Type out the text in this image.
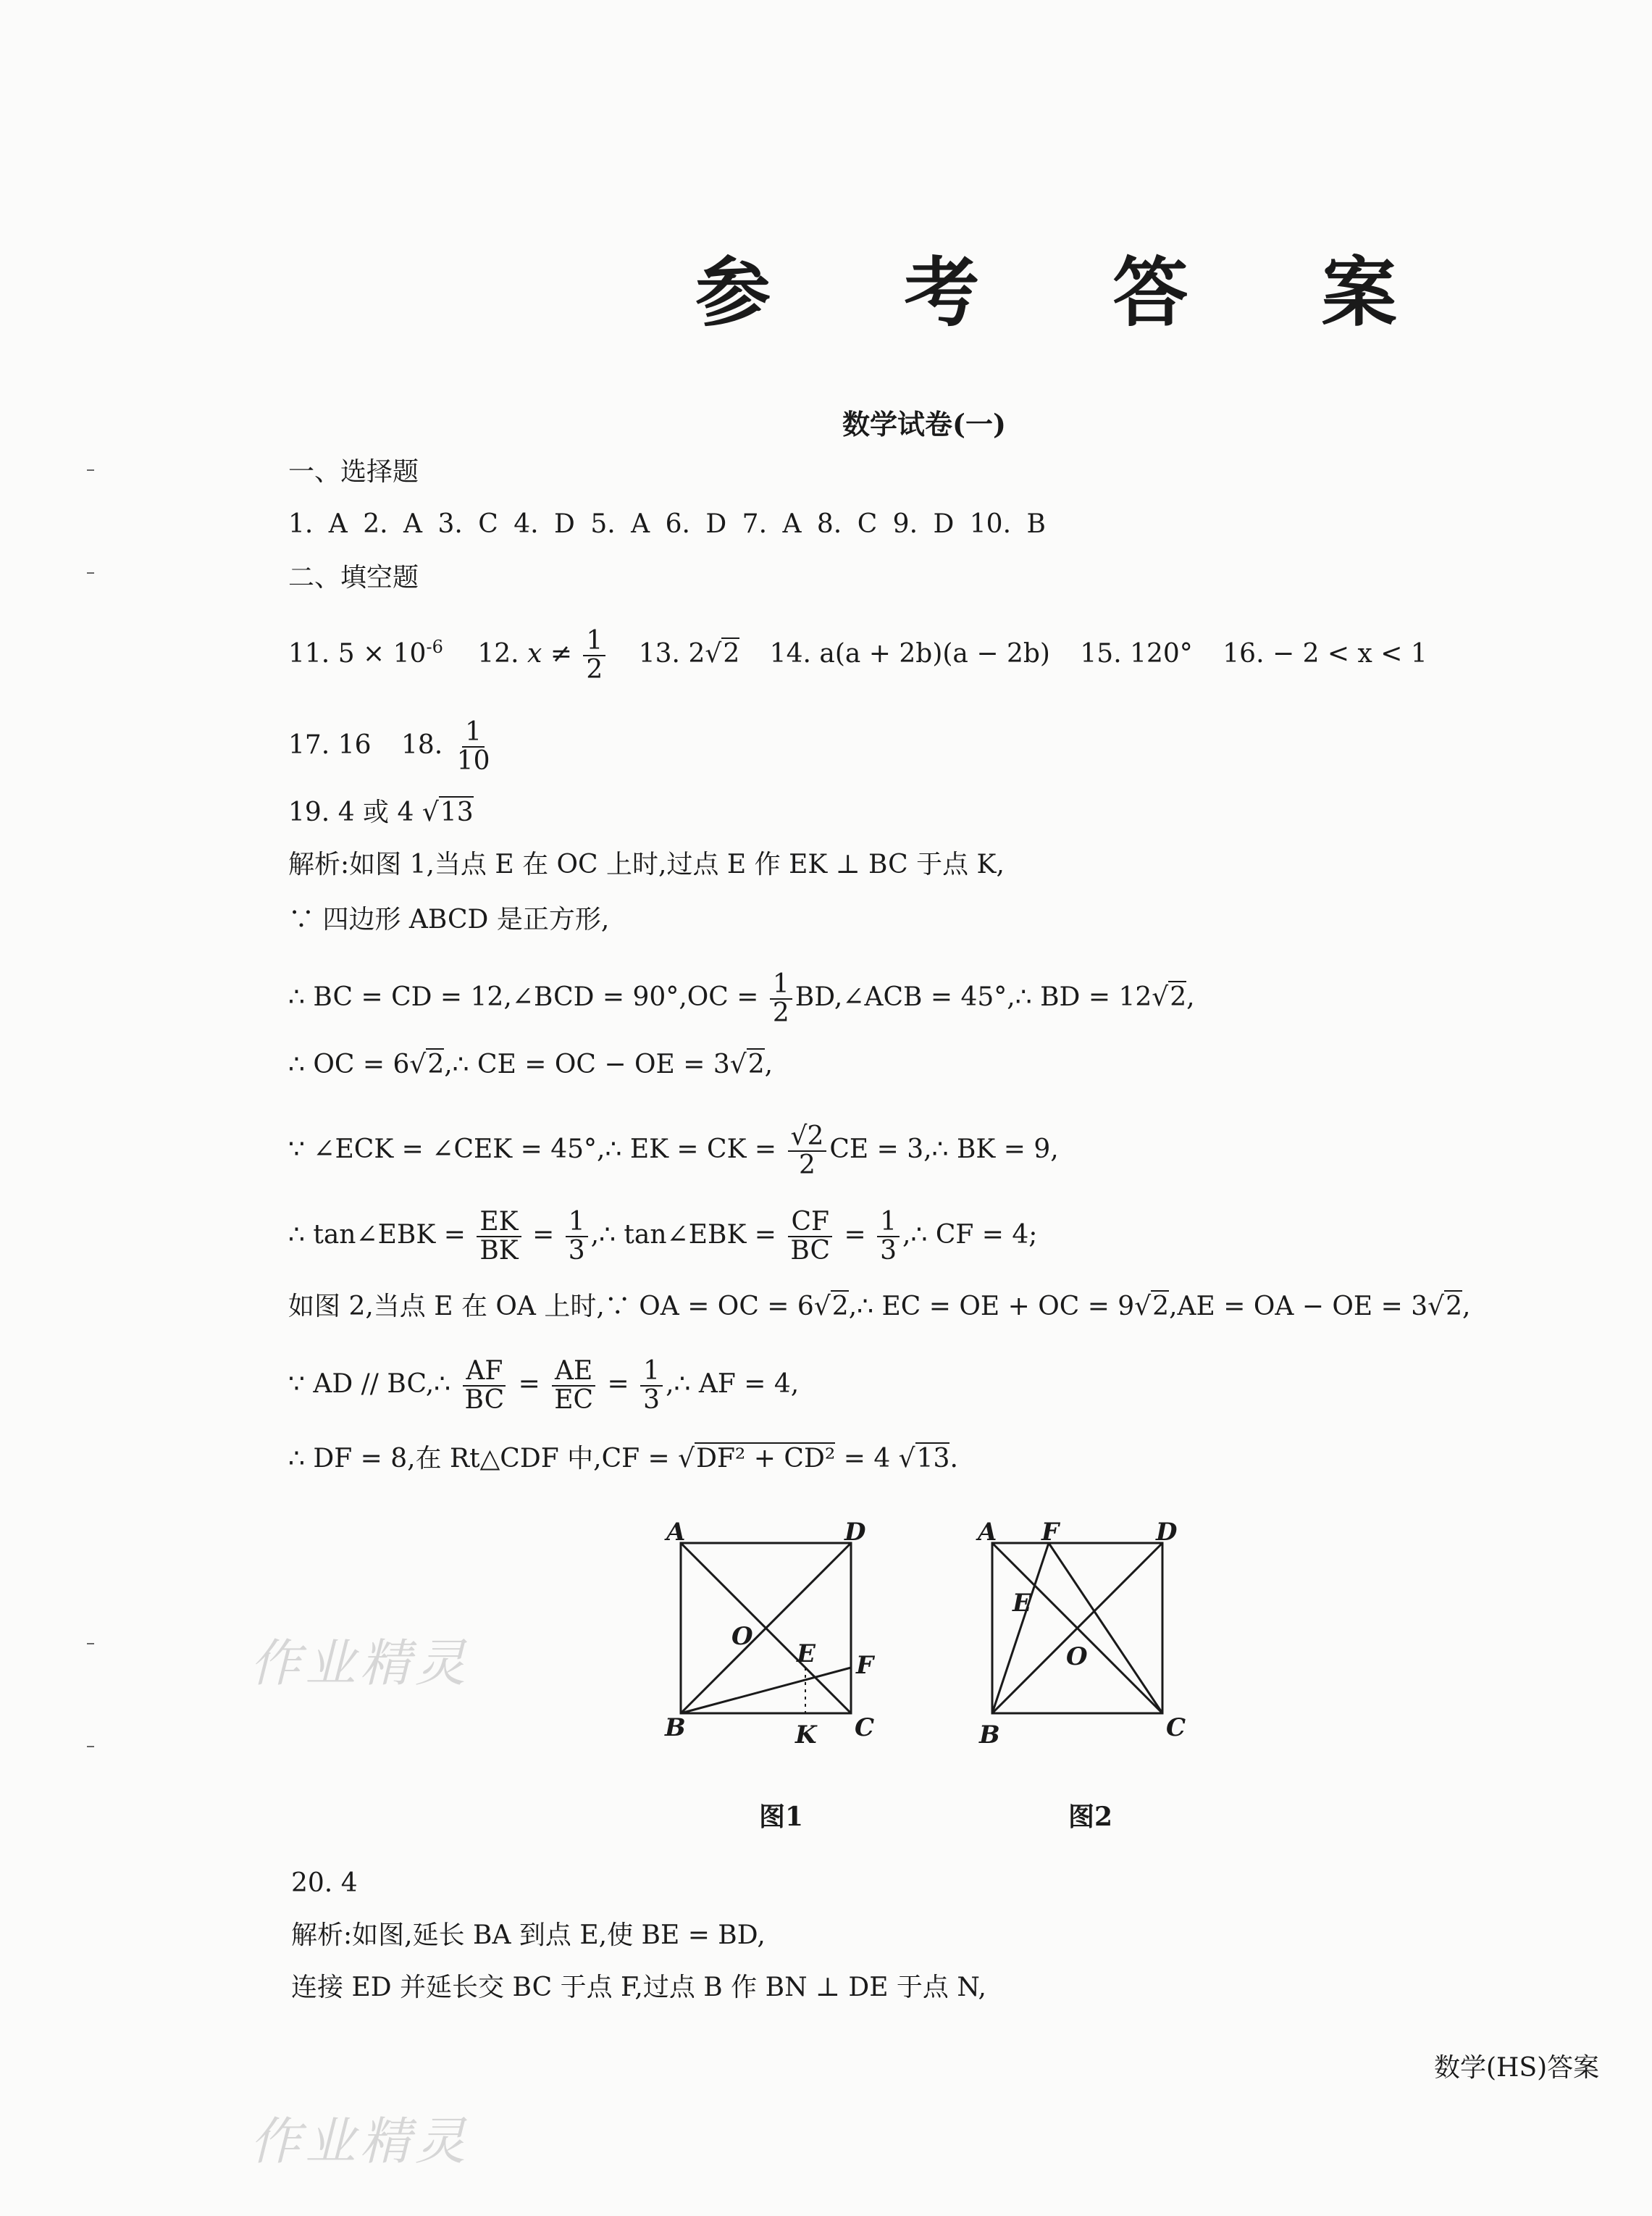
参 考 答 案
数学试卷(一)
一、选择题
1. A 2. A 3. C 4. D 5. A 6. D 7. A 8. C 9. D 10. B
二、填空题
11. $5 \times 10^{-6}$ 12. $x \ne \frac{1}{2} 13$. 2√2 14. a(a + 2b)(a − 2b) 15. 120° 16. − 2 < x < 1
17. 16 18. $\frac{1}{10}$
19. 4 或 4 √13
解析:如图 1,当点 E 在 OC 上时,过点 E 作 EK ⊥ BC 于点 K,
∵ 四边形 ABCD 是正方形,
∴ BC = CD = 12,∠BCD = $90^\circ,OC = \frac{1}{2}$ BD,∠ACB = 45°,∴ BD = 12√2,
∴ OC = 6√2,∴ CE = OC − OE = 3√2,
∵ ∠ECK = ∠CEK = 45°,∴ EK = CK = $\frac{√2}{2}$ CE = 3,∴ BK = 9,
∴ tan∠EBK = $\frac{EK}{BK} = \frac{1}{3}$ ,∴ tan∠EBK = $\frac{CF}{BC} = \frac{1}{3}$ ,∴ CF = 4;
如图 2,当点 E 在 OA 上时,∵ OA = OC = 6√2,∴ EC = OE + OC = 9√2,AE = OA − OE = 3√2,
∵ AD // BC,∴ $\frac{AF}{BC} = \frac{AE}{EC} = \frac{1}{3}$ ,∴ AF = 4,
∴ DF = 8,在 Rt△CDF 中,CF = √DF² + CD² = 4 √13.
A	D
B	C
O
E F
K
A F	D
E
O
B	C
图1	图2
20. 4
解析:如图,延长 BA 到点 E,使 BE = BD,
连接 ED 并延长交 BC 于点 F,过点 B 作 BN ⊥ DE 于点 N,
数学(HS)答案
作业精灵
作业精灵
